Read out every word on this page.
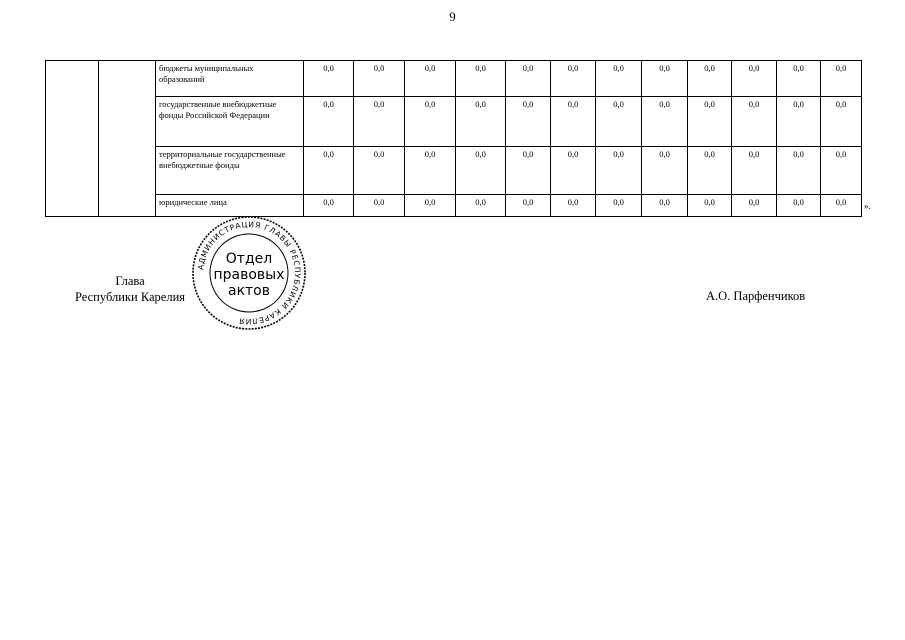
9
		бюджеты муниципальных образований	0,0	0,0	0,0	0,0	0,0	0,0	0,0	0,0	0,0	0,0	0,0	0,0
		государственные внебюджетные фонды Российской Федерации	0,0	0,0	0,0	0,0	0,0	0,0	0,0	0,0	0,0	0,0	0,0	0,0
		территориальные государственные внебюджетные фонды	0,0	0,0	0,0	0,0	0,0	0,0	0,0	0,0	0,0	0,0	0,0	0,0
		юридические лица	0,0	0,0	0,0	0,0	0,0	0,0	0,0	0,0	0,0	0,0	0,0	0,0 ».
Глава
Республики Карелия
АДМИНИСТРАЦИЯ ГЛАВЫ РЕСПУБЛИКИ КАРЕЛИЯ
Отдел
правовых
актов	А.О. Парфенчиков
